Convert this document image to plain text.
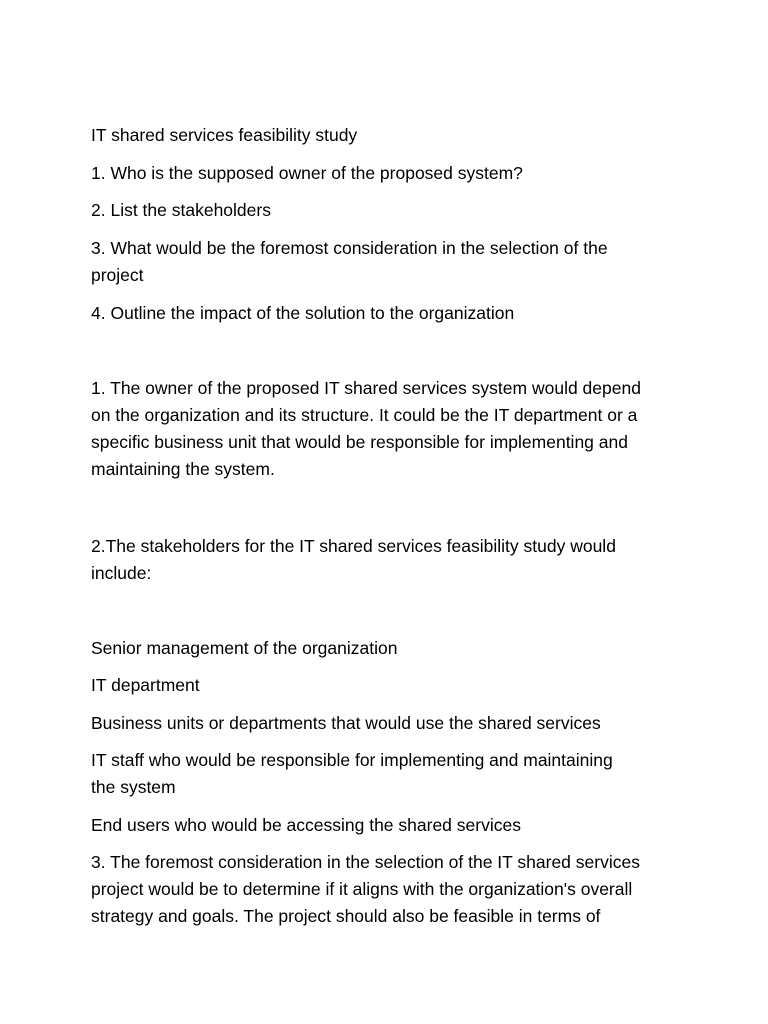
IT shared services feasibility study

1. Who is the supposed owner of the proposed system?

2. List the stakeholders

3. What would be the foremost consideration in the selection of the

project

4. Outline the impact of the solution to the organization

1. The owner of the proposed IT shared services system would depend

on the organization and its structure. It could be the IT department or a

specific business unit that would be responsible for implementing and

maintaining the system.

2.The stakeholders for the IT shared services feasibility study would

include:

Senior management of the organization

IT department

Business units or departments that would use the shared services

IT staff who would be responsible for implementing and maintaining

the system

End users who would be accessing the shared services

3. The foremost consideration in the selection of the IT shared services

project would be to determine if it aligns with the organization's overall

strategy and goals. The project should also be feasible in terms of
